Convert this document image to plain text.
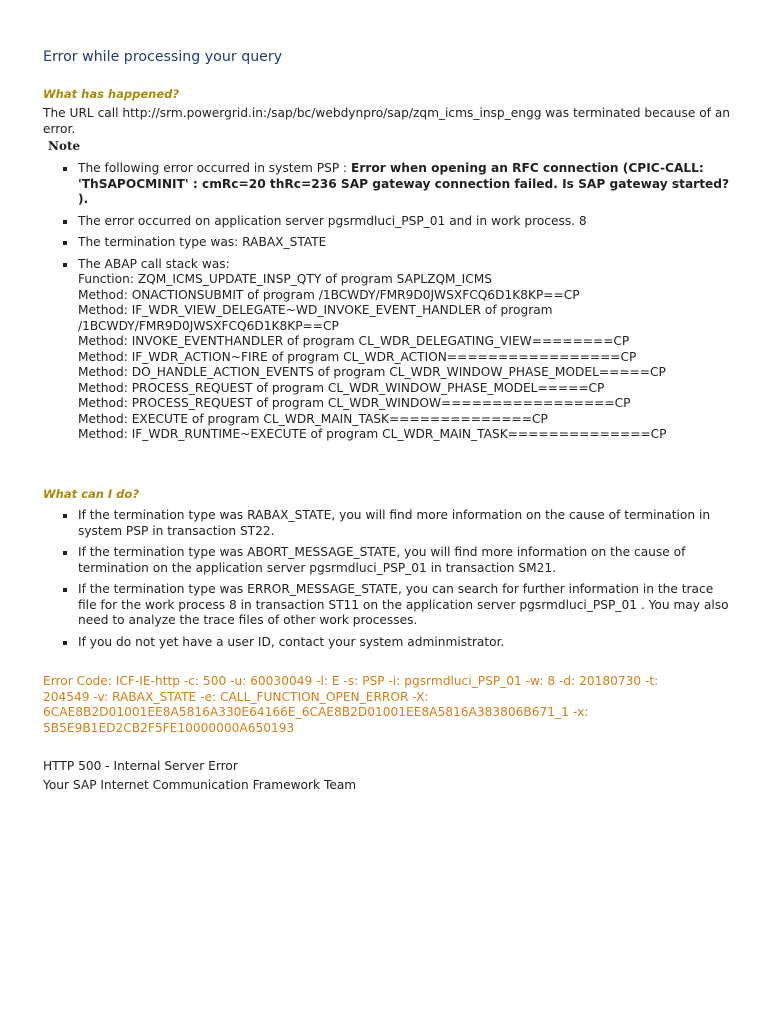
Error while processing your query
What has happened?
The URL call http://srm.powergrid.in:/sap/bc/webdynpro/sap/zqm_icms_insp_engg was terminated because of an error.
Note
The following error occurred in system PSP : Error when opening an RFC connection (CPIC-CALL: 'ThSAPOCMINIT' : cmRc=20 thRc=236 SAP gateway connection failed. Is SAP gateway started? ).
The error occurred on application server pgsrmdluci_PSP_01 and in work process. 8
The termination type was: RABAX_STATE
The ABAP call stack was:
Function: ZQM_ICMS_UPDATE_INSP_QTY of program SAPLZQM_ICMS
Method: ONACTIONSUBMIT of program /1BCWDY/FMR9D0JWSXFCQ6D1K8KP==CP
Method: IF_WDR_VIEW_DELEGATE~WD_INVOKE_EVENT_HANDLER of program
/1BCWDY/FMR9D0JWSXFCQ6D1K8KP==CP
Method: INVOKE_EVENTHANDLER of program CL_WDR_DELEGATING_VIEW========CP
Method: IF_WDR_ACTION~FIRE of program CL_WDR_ACTION=================CP
Method: DO_HANDLE_ACTION_EVENTS of program CL_WDR_WINDOW_PHASE_MODEL=====CP
Method: PROCESS_REQUEST of program CL_WDR_WINDOW_PHASE_MODEL=====CP
Method: PROCESS_REQUEST of program CL_WDR_WINDOW=================CP
Method: EXECUTE of program CL_WDR_MAIN_TASK==============CP
Method: IF_WDR_RUNTIME~EXECUTE of program CL_WDR_MAIN_TASK==============CP
What can I do?
If the termination type was RABAX_STATE, you will find more information on the cause of termination in system PSP in transaction ST22.
If the termination type was ABORT_MESSAGE_STATE, you will find more information on the cause of termination on the application server pgsrmdluci_PSP_01 in transaction SM21.
If the termination type was ERROR_MESSAGE_STATE, you can search for further information in the trace file for the work process 8 in transaction ST11 on the application server pgsrmdluci_PSP_01 . You may also need to analyze the trace files of other work processes.
If you do not yet have a user ID, contact your system adminmistrator.
Error Code: ICF-IE-http -c: 500 -u: 60030049 -l: E -s: PSP -i: pgsrmdluci_PSP_01 -w: 8 -d: 20180730 -t:
204549 -v: RABAX_STATE -e: CALL_FUNCTION_OPEN_ERROR -X:
6CAE8B2D01001EE8A5816A330E64166E_6CAE8B2D01001EE8A5816A383806B671_1 -x:
5B5E9B1ED2CB2F5FE10000000A650193
HTTP 500 - Internal Server Error
Your SAP Internet Communication Framework Team
